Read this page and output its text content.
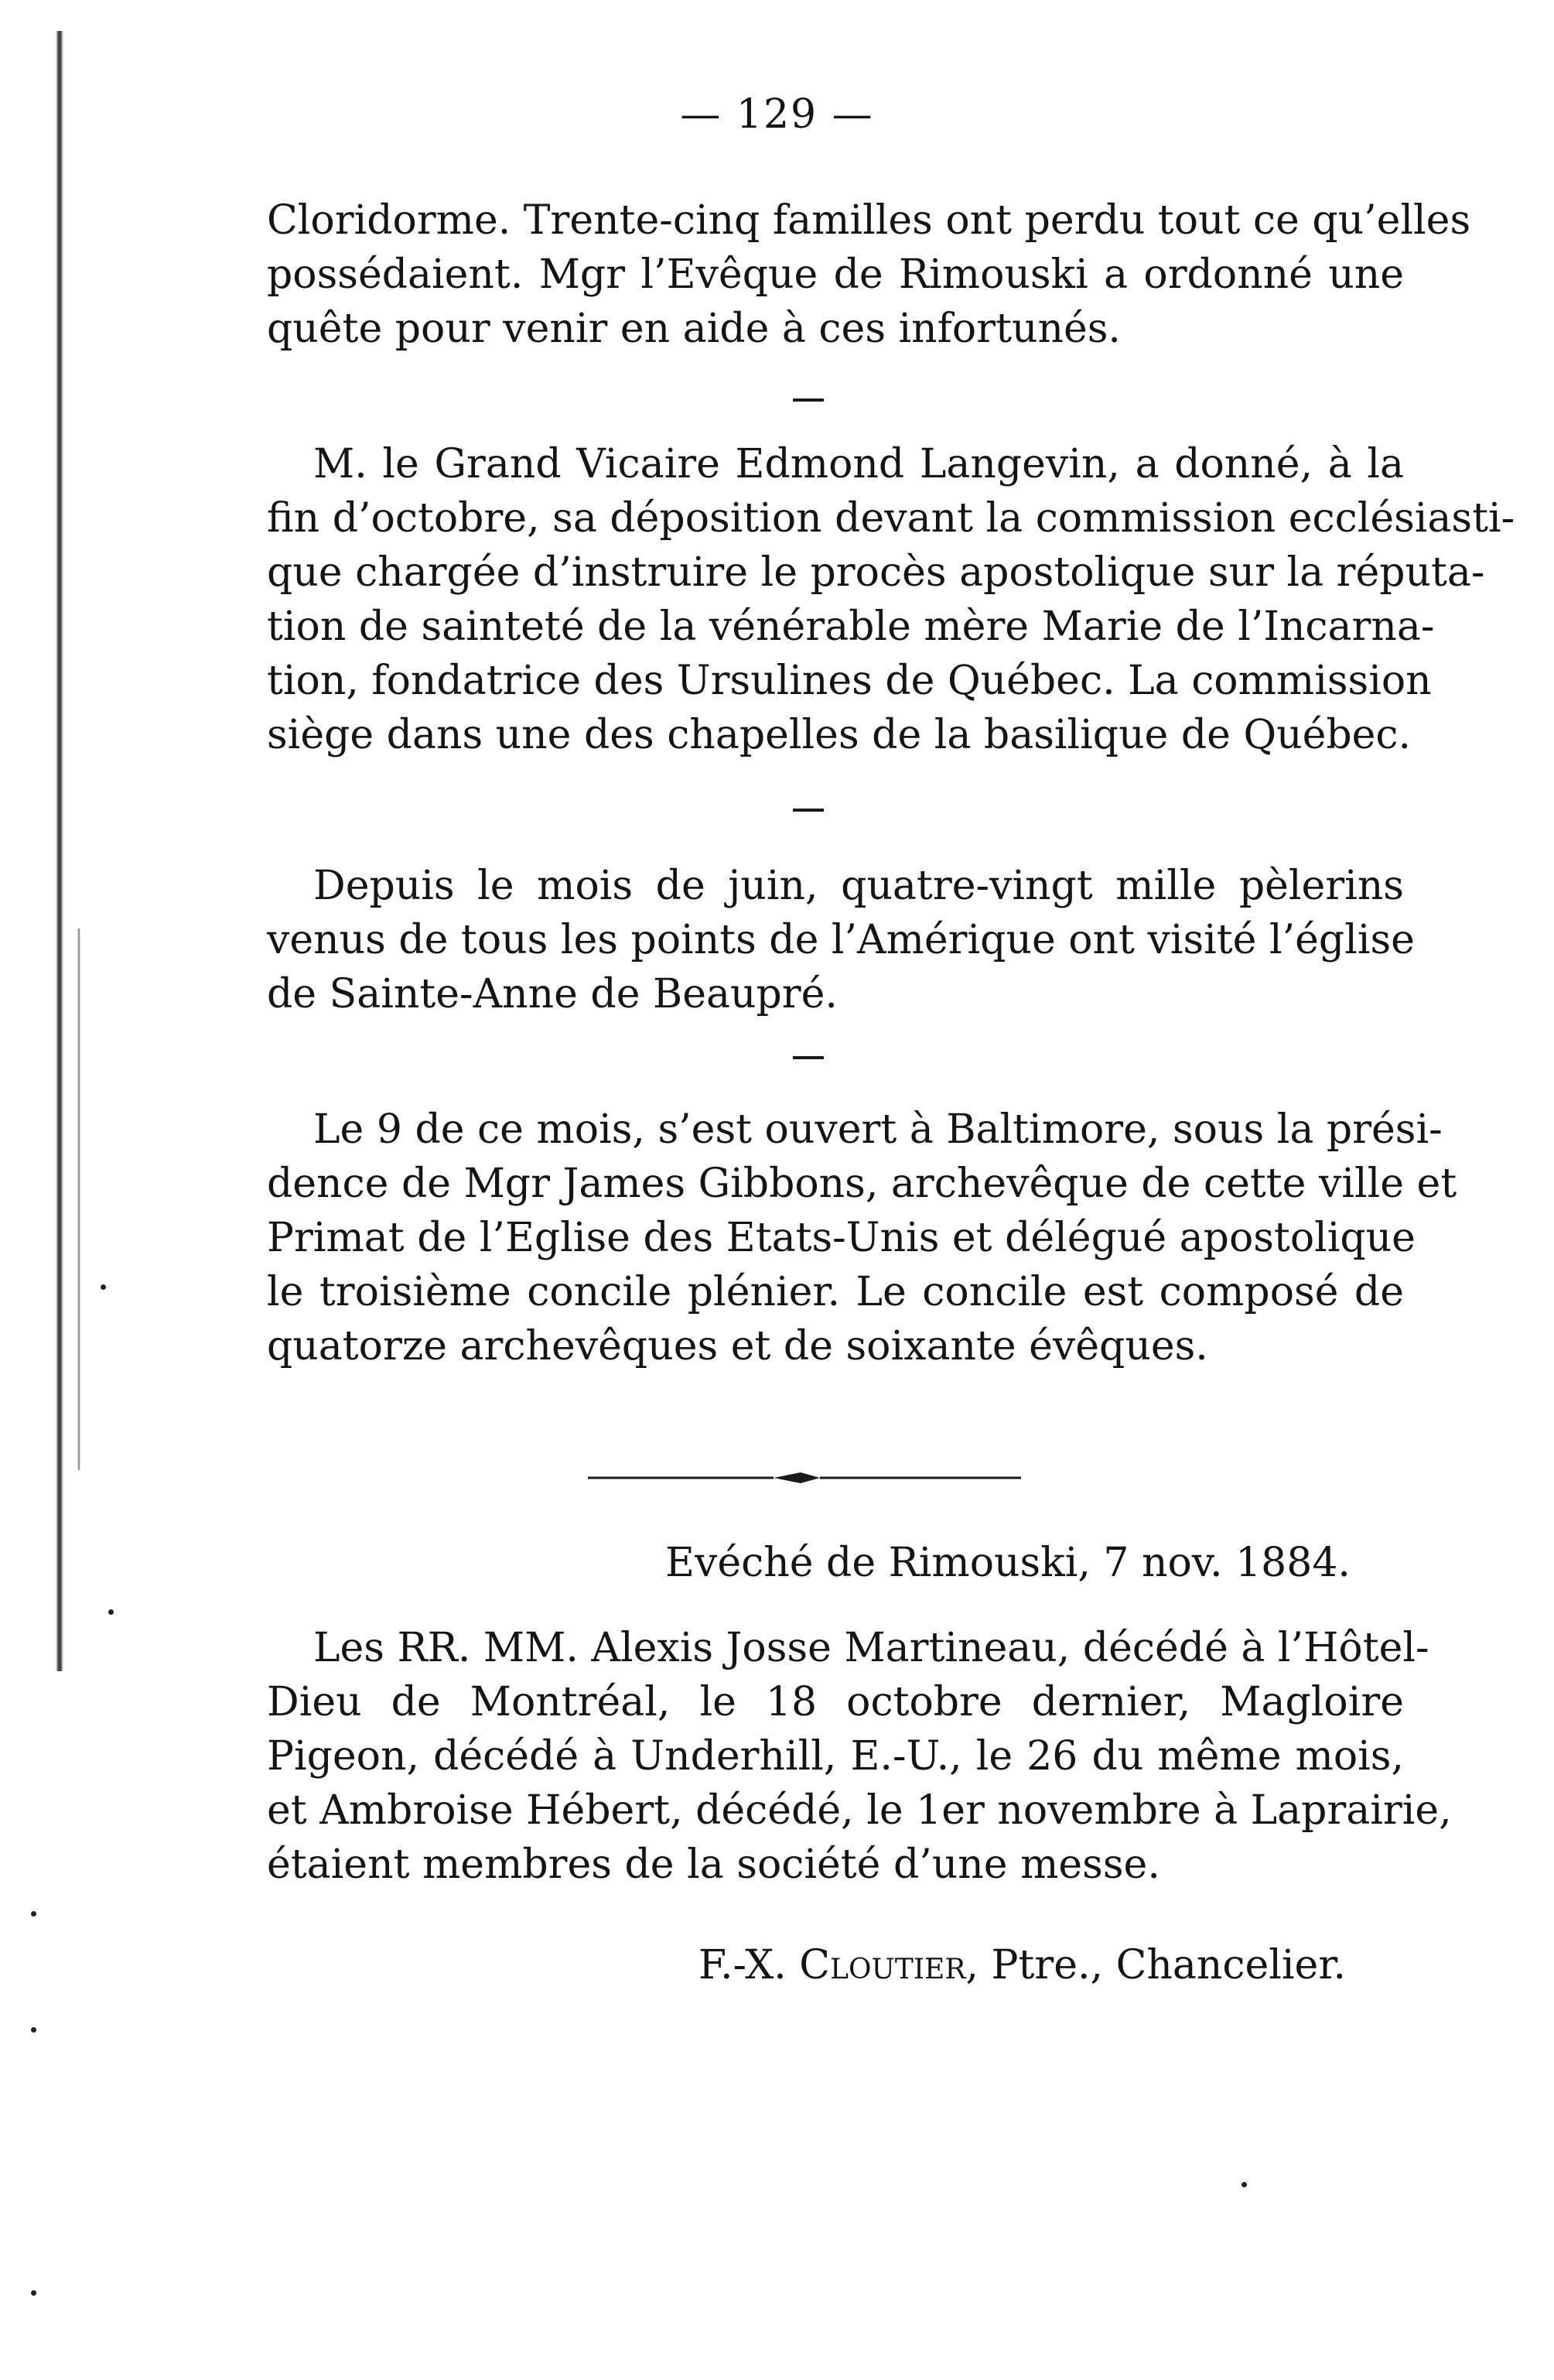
— 129 —
Cloridorme. Trente-cinq familles ont perdu tout ce qu’elles
possédaient. Mgr l’Evêque de Rimouski a ordonné une
quête pour venir en aide à ces infortunés.
M. le Grand Vicaire Edmond Langevin, a donné, à la
fin d’octobre, sa déposition devant la commission ecclésiasti-
que chargée d’instruire le procès apostolique sur la réputa-
tion de sainteté de la vénérable mère Marie de l’Incarna-
tion, fondatrice des Ursulines de Québec. La commission
siège dans une des chapelles de la basilique de Québec.
Depuis le mois de juin, quatre-vingt mille pèlerins
venus de tous les points de l’Amérique ont visité l’église
de Sainte-Anne de Beaupré.
Le 9 de ce mois, s’est ouvert à Baltimore, sous la prési-
dence de Mgr James Gibbons, archevêque de cette ville et
Primat de l’Eglise des Etats-Unis et délégué apostolique
le troisième concile plénier. Le concile est composé de
quatorze archevêques et de soixante évêques.
Evéché de Rimouski, 7 nov. 1884.
Les RR. MM. Alexis Josse Martineau, décédé à l’Hôtel-
Dieu de Montréal, le 18 octobre dernier, Magloire
Pigeon, décédé à Underhill, E.-U., le 26 du même mois,
et Ambroise Hébert, décédé, le 1er novembre à Laprairie,
étaient membres de la société d’une messe.
F.-X. Cloutier, Ptre., Chancelier.
